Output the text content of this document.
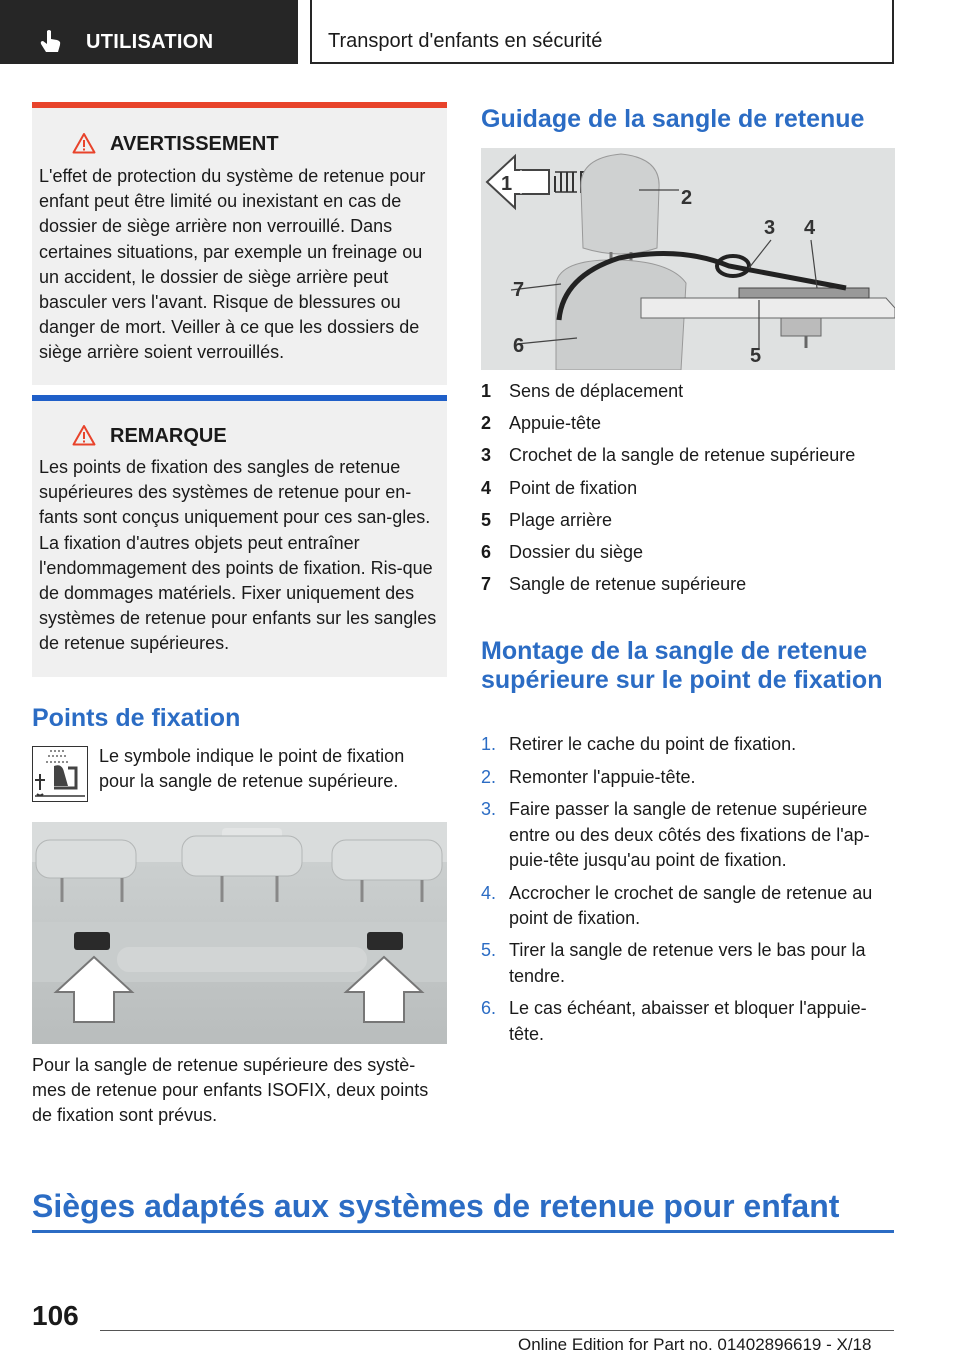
UTILISATION	Transport d'enfants en sécurité
AVERTISSEMENT
L'effet de protection du système de retenue pour enfant peut être limité ou inexistant en cas de dossier de siège arrière non verrouillé. Dans certaines situations, par exemple un freinage ou un accident, le dossier de siège arrière peut basculer vers l'avant. Risque de blessures ou danger de mort. Veiller à ce que les dossiers de siège arrière soient verrouillés.
REMARQUE
Les points de fixation des sangles de retenue supérieures des systèmes de retenue pour en‐fants sont conçus uniquement pour ces san‐gles. La fixation d'autres objets peut entraîner l'endommagement des points de fixation. Ris‐que de dommages matériels. Fixer uniquement des systèmes de retenue pour enfants sur les sangles de retenue supérieures.
Points de fixation
Le symbole indique le point de fixation pour la sangle de retenue supérieure.
Pour la sangle de retenue supérieure des systè‐mes de retenue pour enfants ISOFIX, deux points de fixation sont prévus.
Guidage de la sangle de retenue
1
2
3 4
5
6
7
1 Sens de déplacement
2 Appuie-tête
3 Crochet de la sangle de retenue supérieure
4 Point de fixation
5 Plage arrière
6 Dossier du siège
7 Sangle de retenue supérieure
Montage de la sangle de retenue supérieure sur le point de fixation
1. Retirer le cache du point de fixation.
2. Remonter l'appuie-tête.
3. Faire passer la sangle de retenue supérieure entre ou des deux côtés des fixations de l'ap‐puie-tête jusqu'au point de fixation.
4. Accrocher le crochet de sangle de retenue au point de fixation.
5. Tirer la sangle de retenue vers le bas pour la tendre.
6. Le cas échéant, abaisser et bloquer l'appuie-tête.
Sièges adaptés aux systèmes de retenue pour enfant
106
Online Edition for Part no. 01402896619 - X/18
